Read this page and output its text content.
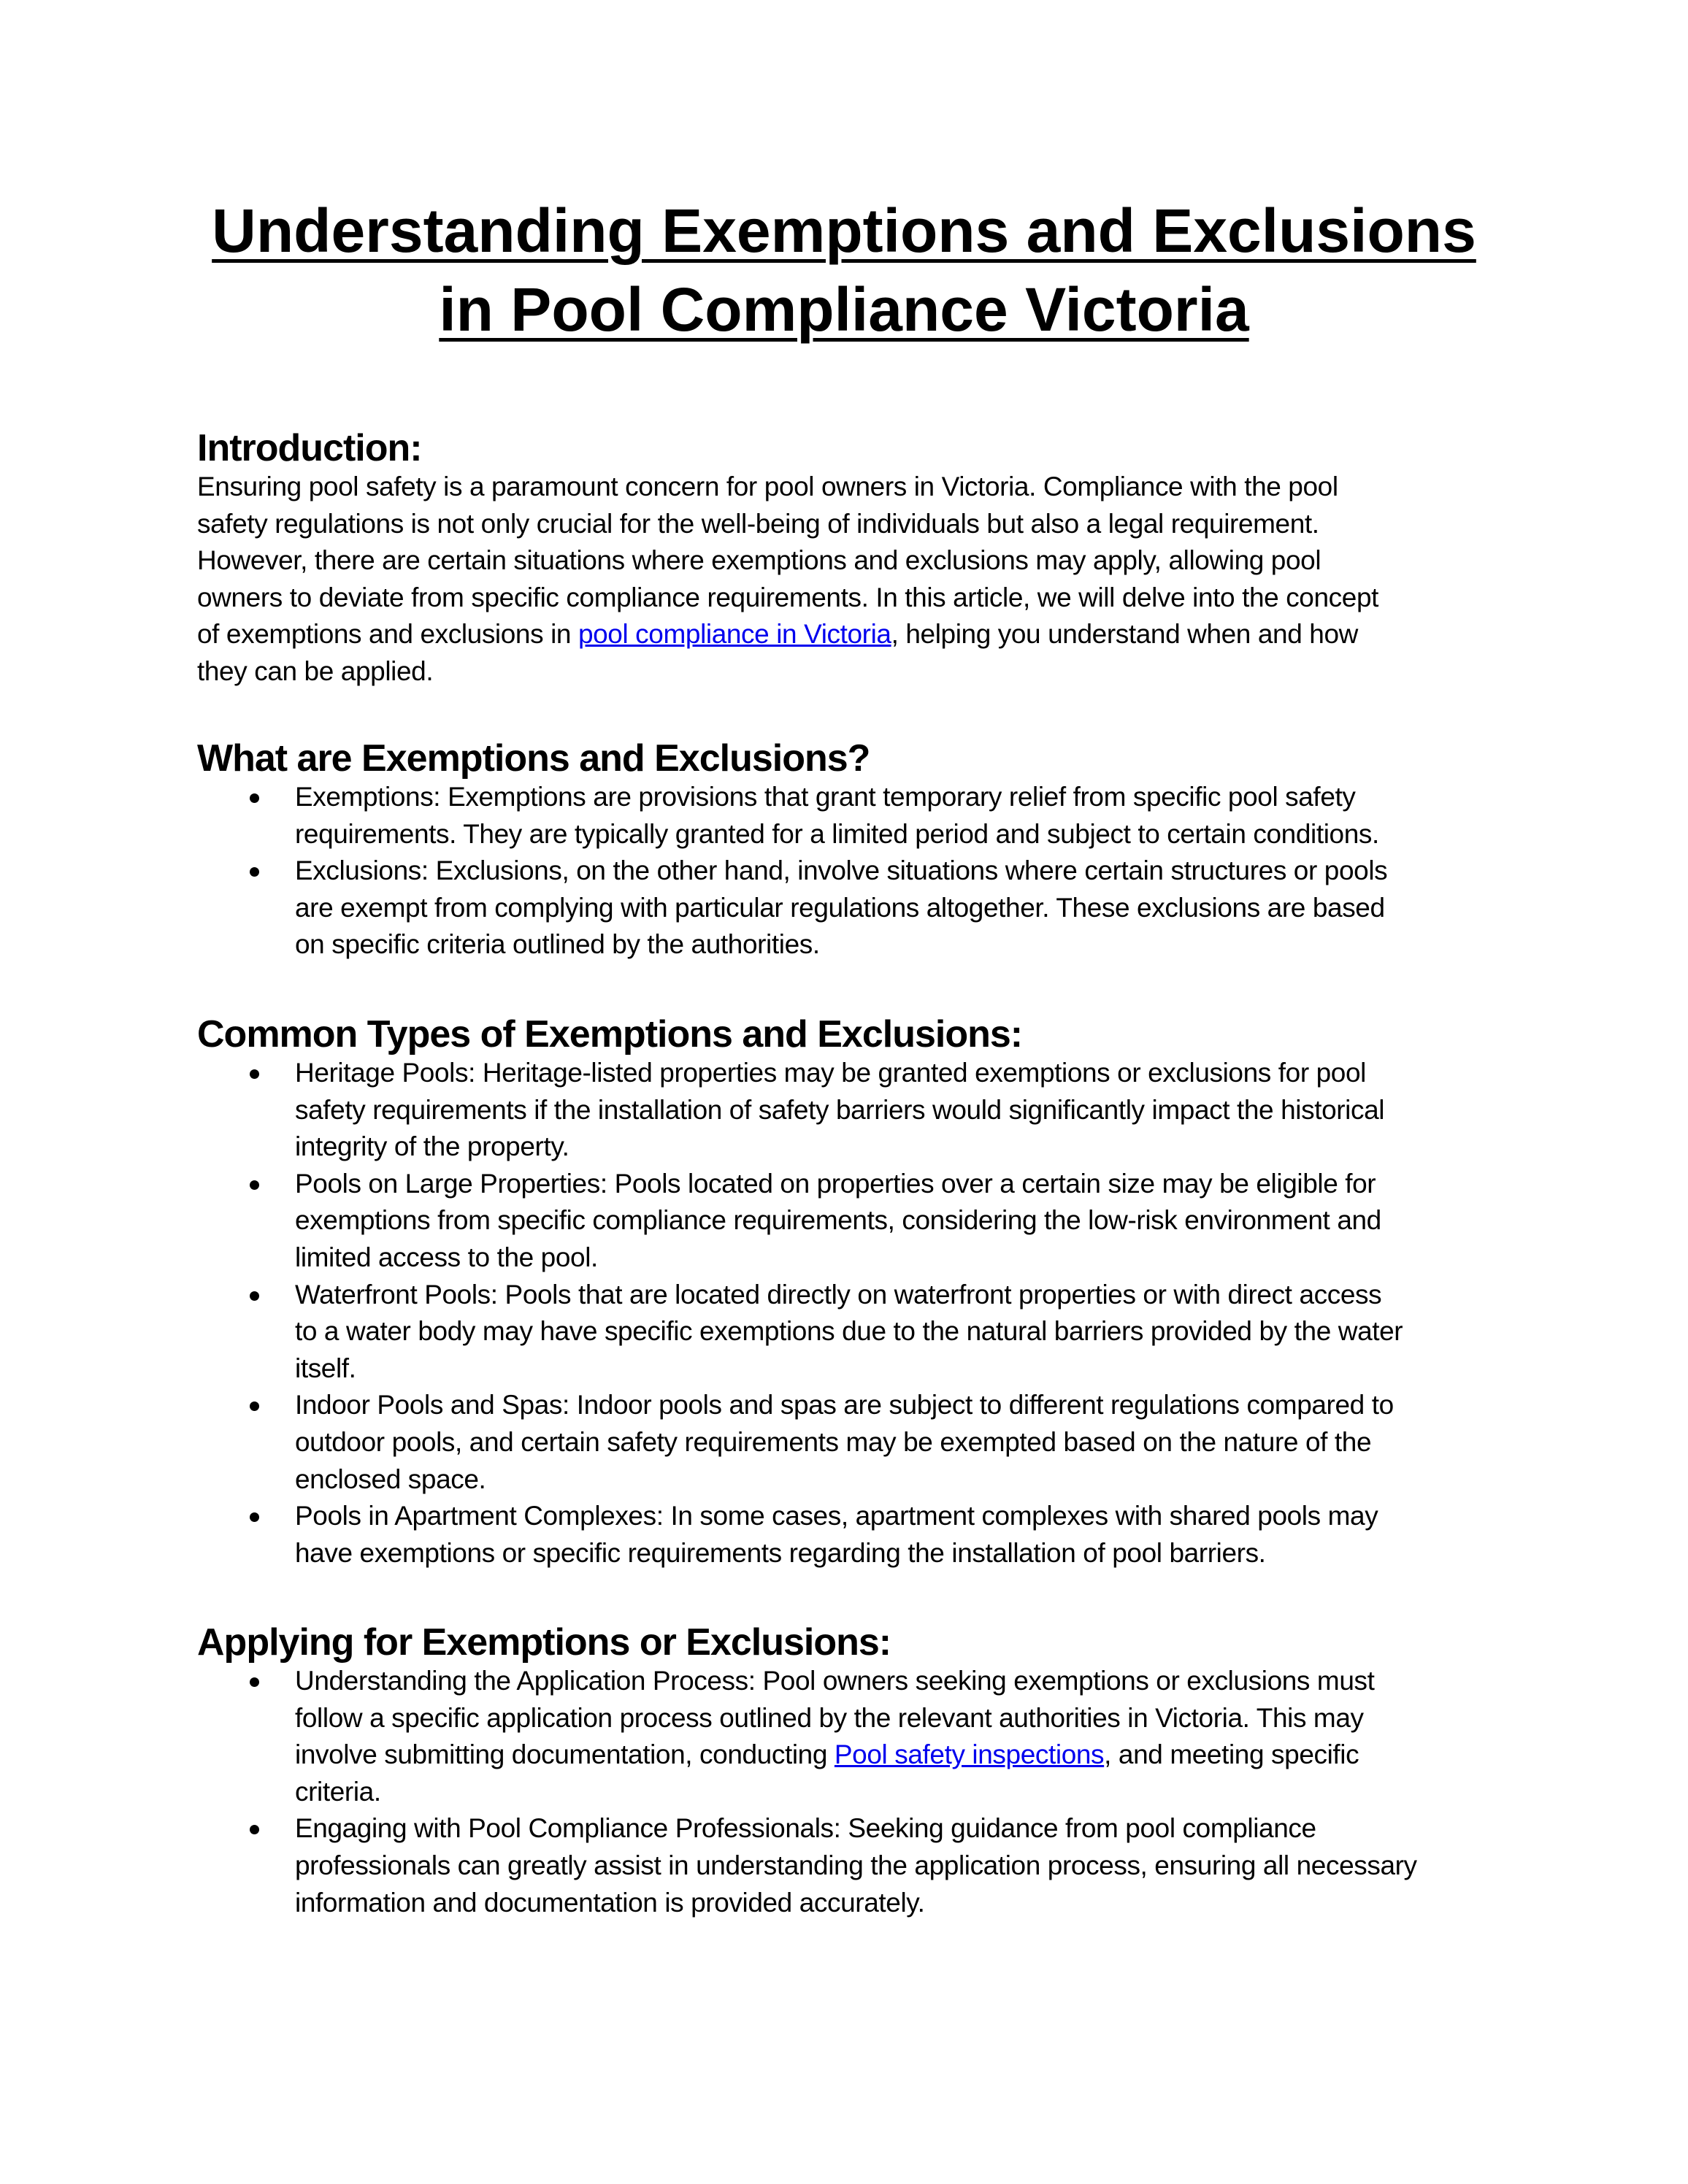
Understanding Exemptions and Exclusions
in Pool Compliance Victoria
Introduction:
Ensuring pool safety is a paramount concern for pool owners in Victoria. Compliance with the pool
safety regulations is not only crucial for the well-being of individuals but also a legal requirement.
However, there are certain situations where exemptions and exclusions may apply, allowing pool
owners to deviate from specific compliance requirements. In this article, we will delve into the concept
of exemptions and exclusions in pool compliance in Victoria, helping you understand when and how
they can be applied.
What are Exemptions and Exclusions?
Exemptions: Exemptions are provisions that grant temporary relief from specific pool safety
requirements. They are typically granted for a limited period and subject to certain conditions.
Exclusions: Exclusions, on the other hand, involve situations where certain structures or pools
are exempt from complying with particular regulations altogether. These exclusions are based
on specific criteria outlined by the authorities.
Common Types of Exemptions and Exclusions:
Heritage Pools: Heritage-listed properties may be granted exemptions or exclusions for pool
safety requirements if the installation of safety barriers would significantly impact the historical
integrity of the property.
Pools on Large Properties: Pools located on properties over a certain size may be eligible for
exemptions from specific compliance requirements, considering the low-risk environment and
limited access to the pool.
Waterfront Pools: Pools that are located directly on waterfront properties or with direct access
to a water body may have specific exemptions due to the natural barriers provided by the water
itself.
Indoor Pools and Spas: Indoor pools and spas are subject to different regulations compared to
outdoor pools, and certain safety requirements may be exempted based on the nature of the
enclosed space.
Pools in Apartment Complexes: In some cases, apartment complexes with shared pools may
have exemptions or specific requirements regarding the installation of pool barriers.
Applying for Exemptions or Exclusions:
Understanding the Application Process: Pool owners seeking exemptions or exclusions must
follow a specific application process outlined by the relevant authorities in Victoria. This may
involve submitting documentation, conducting Pool safety inspections, and meeting specific
criteria.
Engaging with Pool Compliance Professionals: Seeking guidance from pool compliance
professionals can greatly assist in understanding the application process, ensuring all necessary
information and documentation is provided accurately.
